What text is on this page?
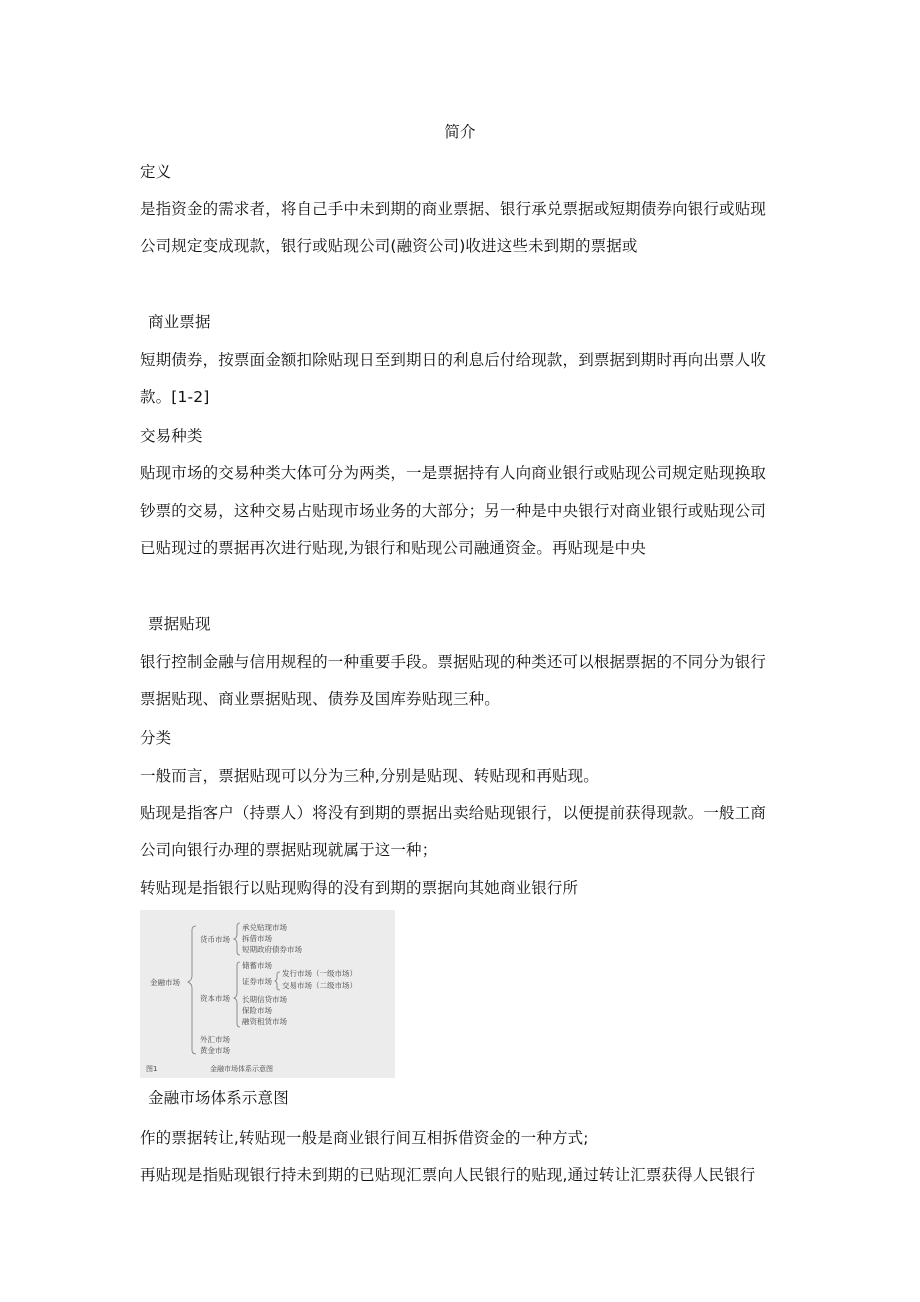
简介
定义
是指资金的需求者，将自己手中未到期的商业票据、银行承兑票据或短期债券向银行或贴现
公司规定变成现款，银行或贴现公司(融资公司)收进这些未到期的票据或
商业票据
短期债券，按票面金额扣除贴现日至到期日的利息后付给现款，到票据到期时再向出票人收
款。[1-2]
交易种类
贴现市场的交易种类大体可分为两类，一是票据持有人向商业银行或贴现公司规定贴现换取
钞票的交易，这种交易占贴现市场业务的大部分；另一种是中央银行对商业银行或贴现公司
已贴现过的票据再次进行贴现,为银行和贴现公司融通资金。再贴现是中央
票据贴现
银行控制金融与信用规程的一种重要手段。票据贴现的种类还可以根据票据的不同分为银行
票据贴现、商业票据贴现、债券及国库券贴现三种。
分类
一般而言，票据贴现可以分为三种,分别是贴现、转贴现和再贴现。
贴现是指客户（持票人）将没有到期的票据出卖给贴现银行，以便提前获得现款。一般工商
公司向银行办理的票据贴现就属于这一种；
转贴现是指银行以贴现购得的没有到期的票据向其她商业银行所
金融市场
货币市场
承兑贴现市场
拆借市场
短期政府债券市场
资本市场
储蓄市场
证券市场
发行市场（一级市场）
交易市场（二级市场）
长期信贷市场
保险市场
融资租赁市场
外汇市场
黄金市场
图1	金融市场体系示意图
金融市场体系示意图
作的票据转让,转贴现一般是商业银行间互相拆借资金的一种方式;
再贴现是指贴现银行持未到期的已贴现汇票向人民银行的贴现,通过转让汇票获得人民银行
